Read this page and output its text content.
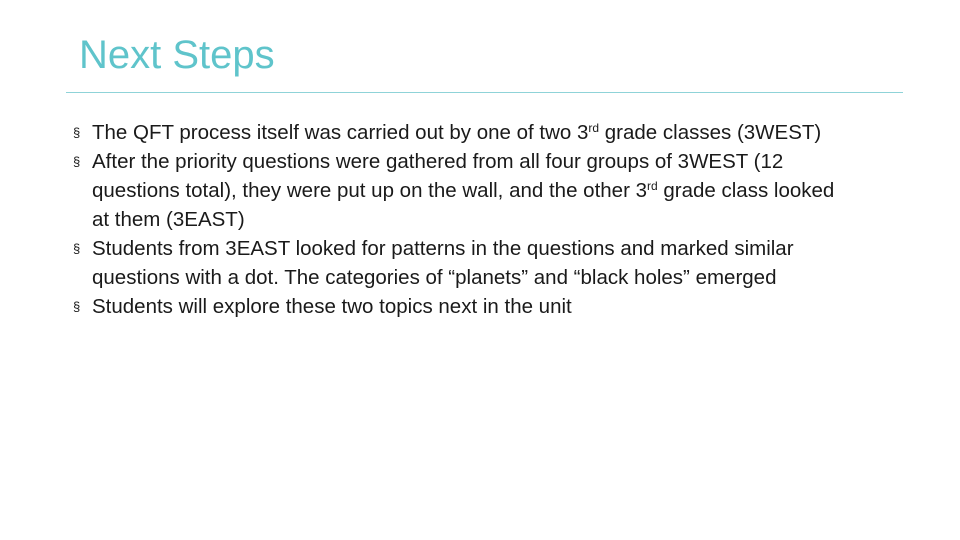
Next Steps
§ The QFT process itself was carried out by one of two 3rd grade classes (3WEST)
§ After the priority questions were gathered from all four groups of 3WEST (12 questions total), they were put up on the wall, and the other 3rd grade class looked at them (3EAST)
§ Students from 3EAST looked for patterns in the questions and marked similar questions with a dot. The categories of “planets” and “black holes” emerged
§ Students will explore these two topics next in the unit
